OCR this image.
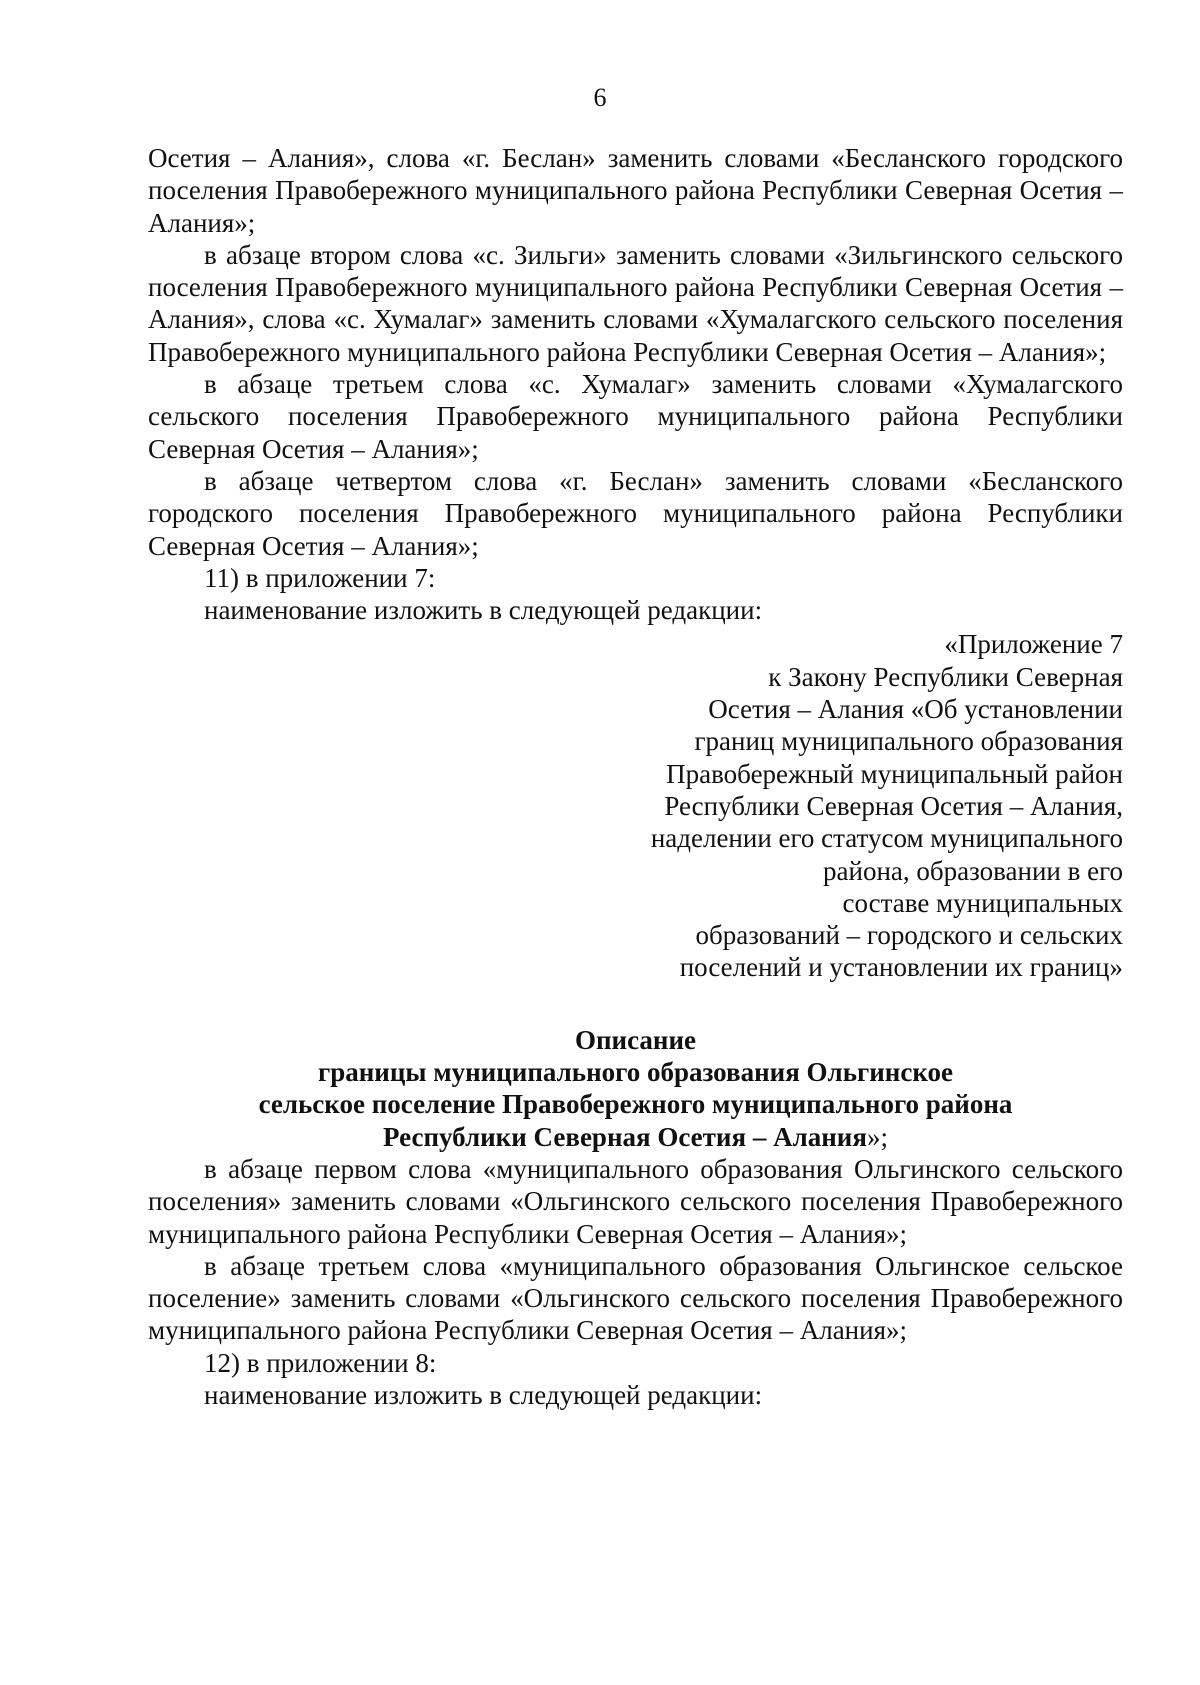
6

Осетия – Алания», слова «г. Беслан» заменить словами «Бесланского городского поселения Правобережного муниципального района Республики Северная Осетия – Алания»;

в абзаце втором слова «с. Зильги» заменить словами «Зильгинского сельского поселения Правобережного муниципального района Республики Северная Осетия – Алания», слова «с. Хумалаг» заменить словами «Хумалагского сельского поселения Правобережного муниципального района Республики Северная Осетия – Алания»;

в абзаце третьем слова «с. Хумалаг» заменить словами «Хумалагского сельского поселения Правобережного муниципального района Республики Северная Осетия – Алания»;

в абзаце четвертом слова «г. Беслан» заменить словами «Бесланского городского поселения Правобережного муниципального района Республики Северная Осетия – Алания»;

11) в приложении 7:

наименование изложить в следующей редакции:

«Приложение 7
к Закону Республики Северная
Осетия – Алания «Об установлении
границ муниципального образования
Правобережный муниципальный район
Республики Северная Осетия – Алания,
наделении его статусом муниципального
района, образовании в его
составе муниципальных
образований – городского и сельских
поселений и установлении их границ»
Описание
границы муниципального образования Ольгинское
сельское поселение Правобережного муниципального района
Республики Северная Осетия – Алания»;

в абзаце первом слова «муниципального образования Ольгинского сельского поселения» заменить словами «Ольгинского сельского поселения Правобережного муниципального района Республики Северная Осетия – Алания»;

в абзаце третьем слова «муниципального образования Ольгинское сельское поселение» заменить словами «Ольгинского сельского поселения Правобережного муниципального района Республики Северная Осетия – Алания»;

12) в приложении 8:

наименование изложить в следующей редакции:
